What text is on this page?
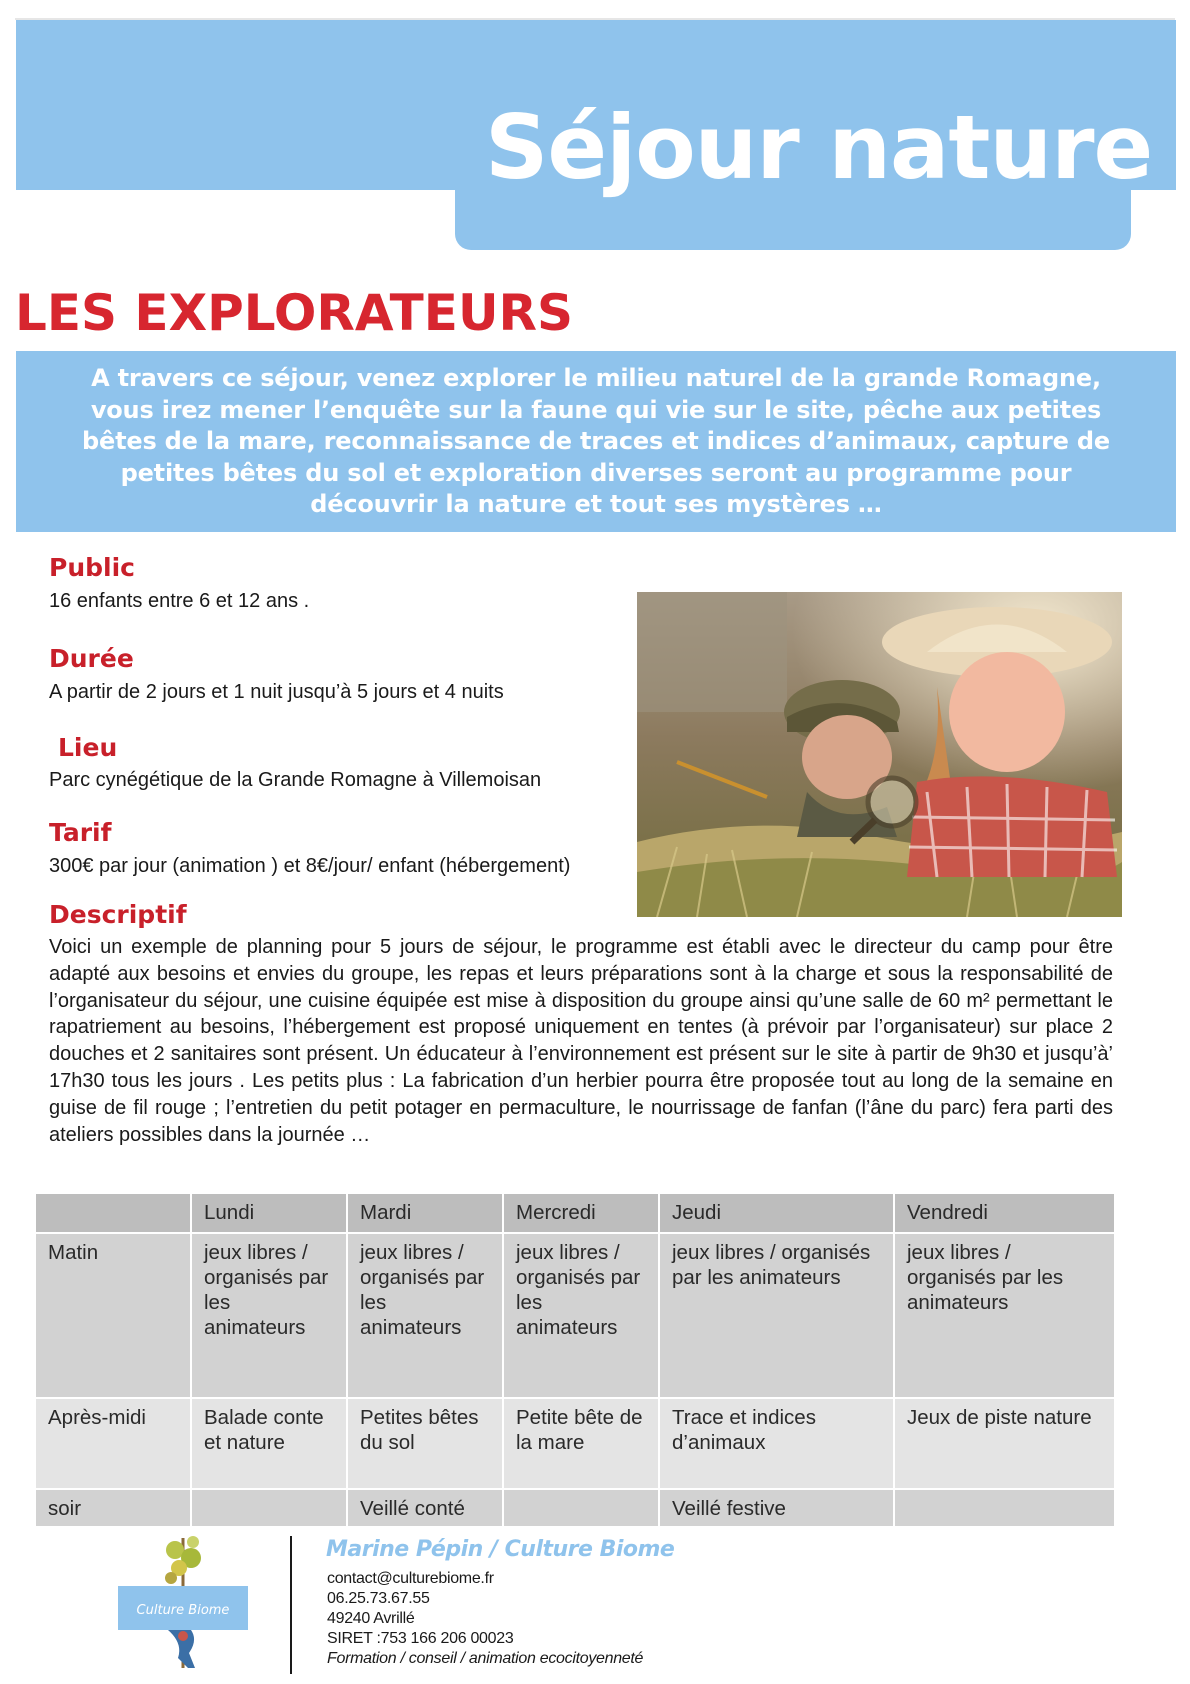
Séjour nature
LES EXPLORATEURS
A travers ce séjour, venez explorer le milieu naturel de la grande Romagne, vous irez mener l’enquête sur la faune qui vie sur le site, pêche aux petites bêtes de la mare, reconnaissance de traces et indices d’animaux, capture de petites bêtes du sol et exploration diverses seront au programme pour découvrir la nature et tout ses mystères …
Public
16 enfants entre 6 et 12 ans .
Durée
A partir de 2 jours et 1 nuit jusqu’à 5 jours et 4 nuits
Lieu
Parc cynégétique de la Grande Romagne à Villemoisan
Tarif
300€ par jour (animation ) et 8€/jour/ enfant (hébergement)
Descriptif
Voici un exemple de planning pour 5 jours de séjour, le programme est établi avec le directeur du camp pour être adapté aux besoins et envies du groupe, les repas et leurs préparations sont à la charge et sous la responsabilité de l’organisateur du séjour, une cuisine équipée est mise à disposition du groupe ainsi qu’une salle de 60 m² permettant le rapatriement au besoins, l’hébergement est proposé uniquement en tentes (à prévoir par l’organisateur) sur place 2 douches et 2 sanitaires sont présent. Un éducateur à l’environnement est présent sur le site à partir de 9h30 et jusqu’à’ 17h30 tous les jours . Les petits plus : La fabrication d’un herbier pourra être proposée tout au long de la semaine en guise de fil rouge ; l’entretien du petit potager en permaculture, le nourrissage de fanfan (l’âne du parc) fera parti des ateliers possibles dans la journée …
	Lundi	Mardi	Mercredi	Jeudi	Vendredi
Matin	jeux libres / organisés par les animateurs	jeux libres / organisés par les animateurs	jeux libres / organisés par les animateurs	jeux libres / organisés par les animateurs	jeux libres / organisés par les animateurs
Après-midi	Balade conte et nature	Petites bêtes du sol	Petite bête de la mare	Trace et indices d’animaux	Jeux de piste nature
soir		Veillé conté		Veillé festive	
Culture Biome
Marine Pépin / Culture Biome
contact@culturebiome.fr
06.25.73.67.55
49240 Avrillé
SIRET :753 166 206 00023
Formation / conseil / animation ecocitoyenneté
